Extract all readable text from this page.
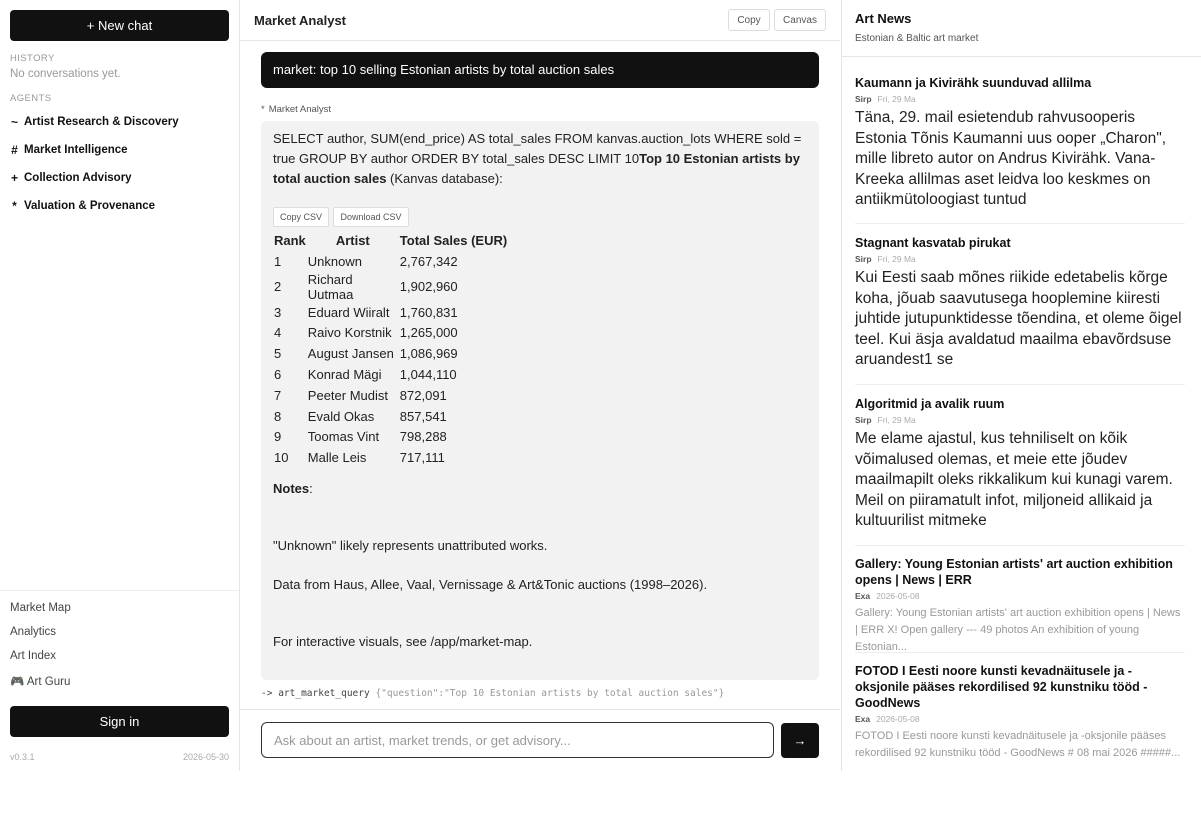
+ New chat
HISTORY
No conversations yet.
AGENTS
~ Artist Research & Discovery
# Market Intelligence
+ Collection Advisory
* Valuation & Provenance
Market Map
Analytics
Art Index
🎮 Art Guru
Sign in
v0.3.1	2026-05-30
Market Analyst	Copy	Canvas
market: top 10 selling Estonian artists by total auction sales
* Market Analyst
SELECT author, SUM(end_price) AS total_sales FROM kanvas.auction_lots WHERE sold = true GROUP BY author ORDER BY total_sales DESC LIMIT 10Top 10 Estonian artists by total auction sales (Kanvas database):
Copy CSV	Download CSV
Rank	Artist	Total Sales (EUR)
1	Unknown	2,767,342
2	Richard Uutmaa	1,902,960
3	Eduard Wiiralt	1,760,831
4	Raivo Korstnik	1,265,000
5	August Jansen	1,086,969
6	Konrad Mägi	1,044,110
7	Peeter Mudist	872,091
8	Evald Okas	857,541
9	Toomas Vint	798,288
10	Malle Leis	717,111
Notes:
"Unknown" likely represents unattributed works.
Data from Haus, Allee, Vaal, Vernissage & Art&Tonic auctions (1998–2026).
For interactive visuals, see /app/market-map.
-> art_market_query {"question":"Top 10 Estonian artists by total auction sales"}
Ask about an artist, market trends, or get advisory...
→
Art News
Estonian & Baltic art market
Kaumann ja Kivirähk suunduvad allilma
Sirp Fri, 29 Ma
Täna, 29. mail esietendub rahvusooperis Estonia Tõnis Kaumanni uus ooper „Charon", mille libreto autor on Andrus Kivirähk. Vana-Kreeka allilmas aset leidva loo keskmes on antiikmütoloogiast tuntud
Stagnant kasvatab pirukat
Sirp Fri, 29 Ma
Kui Eesti saab mõnes riikide edetabelis kõrge koha, jõuab saavutusega hooplemine kiiresti juhtide jutupunktidesse tõendina, et oleme õigel teel. Kui äsja avaldatud maailma ebavõrdsuse aruandest1 se
Algoritmid ja avalik ruum
Sirp Fri, 29 Ma
Me elame ajastul, kus tehniliselt on kõik võimalused olemas, et meie ette jõudev maailmapilt oleks rikkalikum kui kunagi varem. Meil on piiramatult infot, miljoneid allikaid ja kultuurilist mitmeke
Gallery: Young Estonian artists' art auction exhibition opens | News | ERR
Exa 2026-05-08
Gallery: Young Estonian artists' art auction exhibition opens | News | ERR X! Open gallery --- 49 photos An exhibition of young Estonian...
FOTOD I Eesti noore kunsti kevadnäitusele ja -oksjonile pääses rekordilised 92 kunstniku tööd - GoodNews
Exa 2026-05-08
FOTOD I Eesti noore kunsti kevadnäitusele ja -oksjonile pääses rekordilised 92 kunstniku tööd - GoodNews # 08 mai 2026 #####...
